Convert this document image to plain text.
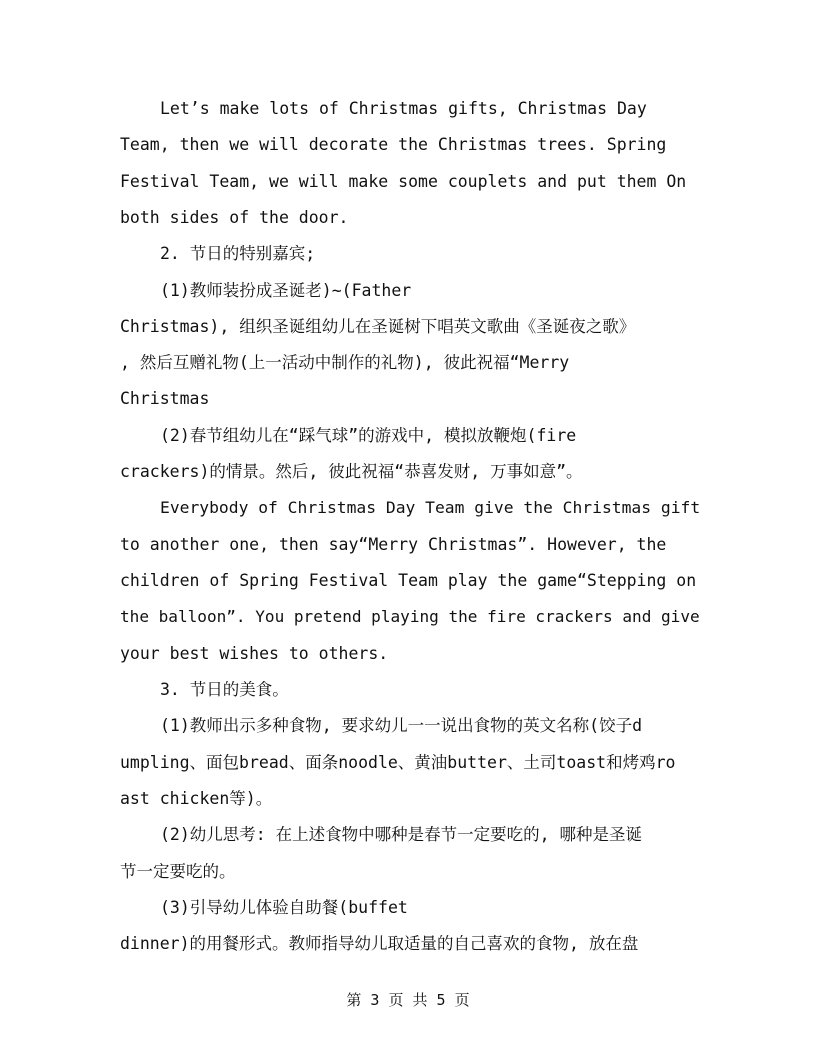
Let’s make lots of Christmas gifts, Christmas Day
Team, then we will decorate the Christmas trees. Spring
Festival Team, we will make some couplets and put them On
both sides of the door.
2. 节日的特别嘉宾;
(1)教师装扮成圣诞老)~(Father
Christmas), 组织圣诞组幼儿在圣诞树下唱英文歌曲《圣诞夜之歌》
, 然后互赠礼物(上一活动中制作的礼物), 彼此祝福“Merry
Christmas
(2)春节组幼儿在“踩气球”的游戏中, 模拟放鞭炮(fire
crackers)的情景。然后, 彼此祝福“恭喜发财, 万事如意”。
Everybody of Christmas Day Team give the Christmas gift
to another one, then say“Merry Christmas”. However, the
children of Spring Festival Team play the game“Stepping on
the balloon”. You pretend playing the fire crackers and give
your best wishes to others.
3. 节日的美食。
(1)教师出示多种食物, 要求幼儿一一说出食物的英文名称(饺子d
umpling、面包bread、面条noodle、黄油butter、土司toast和烤鸡ro
ast chicken等)。
(2)幼儿思考: 在上述食物中哪种是春节一定要吃的, 哪种是圣诞
节一定要吃的。
(3)引导幼儿体验自助餐(buffet
dinner)的用餐形式。教师指导幼儿取适量的自己喜欢的食物, 放在盘
第 3 页 共 5 页
